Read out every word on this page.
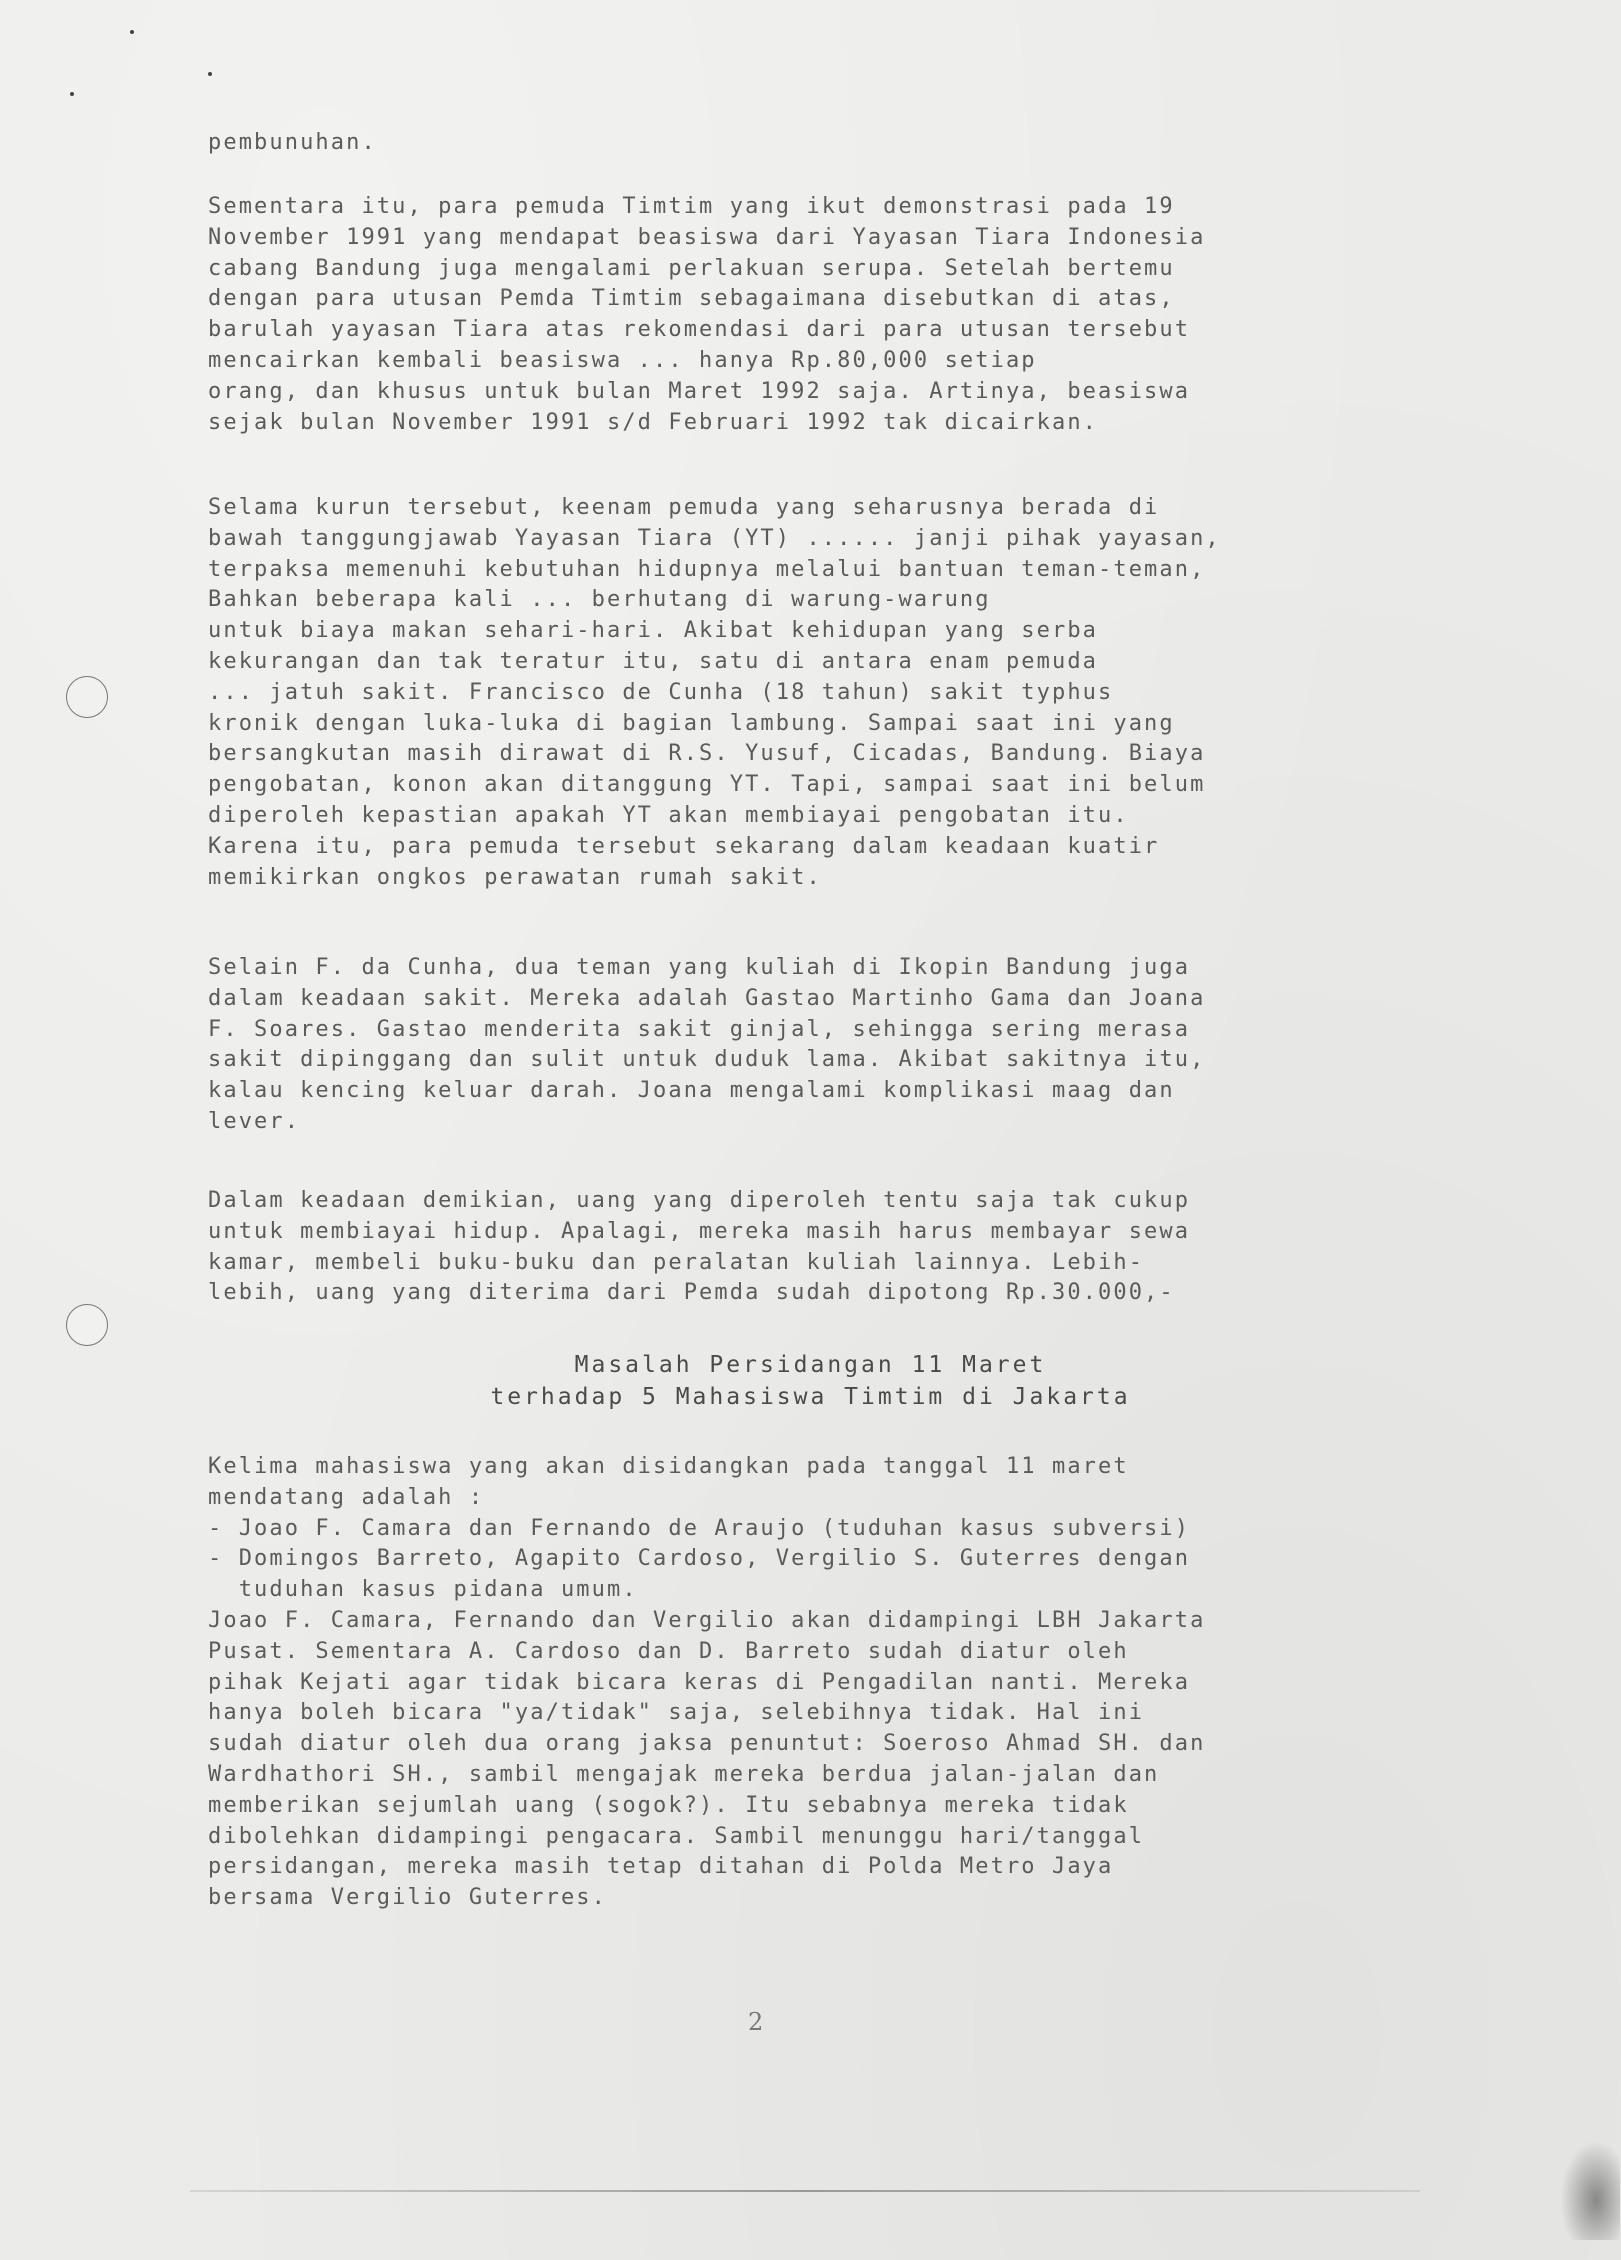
pembunuhan.
Sementara itu, para pemuda Timtim yang ikut demonstrasi pada 19
November 1991 yang mendapat beasiswa dari Yayasan Tiara Indonesia
cabang Bandung juga mengalami perlakuan serupa. Setelah bertemu
dengan para utusan Pemda Timtim sebagaimana disebutkan di atas,
barulah yayasan Tiara atas rekomendasi dari para utusan tersebut
mencairkan kembali beasiswa ... hanya Rp.80,000 setiap
orang, dan khusus untuk bulan Maret 1992 saja. Artinya, beasiswa
sejak bulan November 1991 s/d Februari 1992 tak dicairkan.
Selama kurun tersebut, keenam pemuda yang seharusnya berada di
bawah tanggungjawab Yayasan Tiara (YT) ...... janji pihak yayasan,
terpaksa memenuhi kebutuhan hidupnya melalui bantuan teman-teman,
Bahkan beberapa kali ... berhutang di warung-warung
untuk biaya makan sehari-hari. Akibat kehidupan yang serba
kekurangan dan tak teratur itu, satu di antara enam pemuda
... jatuh sakit. Francisco de Cunha (18 tahun) sakit typhus
kronik dengan luka-luka di bagian lambung. Sampai saat ini yang
bersangkutan masih dirawat di R.S. Yusuf, Cicadas, Bandung. Biaya
pengobatan, konon akan ditanggung YT. Tapi, sampai saat ini belum
diperoleh kepastian apakah YT akan membiayai pengobatan itu.
Karena itu, para pemuda tersebut sekarang dalam keadaan kuatir
memikirkan ongkos perawatan rumah sakit.
Selain F. da Cunha, dua teman yang kuliah di Ikopin Bandung juga
dalam keadaan sakit. Mereka adalah Gastao Martinho Gama dan Joana
F. Soares. Gastao menderita sakit ginjal, sehingga sering merasa
sakit dipinggang dan sulit untuk duduk lama. Akibat sakitnya itu,
kalau kencing keluar darah. Joana mengalami komplikasi maag dan
lever.
Dalam keadaan demikian, uang yang diperoleh tentu saja tak cukup
untuk membiayai hidup. Apalagi, mereka masih harus membayar sewa
kamar, membeli buku-buku dan peralatan kuliah lainnya. Lebih-
lebih, uang yang diterima dari Pemda sudah dipotong Rp.30.000,-
Masalah Persidangan 11 Maret
terhadap 5 Mahasiswa Timtim di Jakarta
Kelima mahasiswa yang akan disidangkan pada tanggal 11 maret
mendatang adalah :
- Joao F. Camara dan Fernando de Araujo (tuduhan kasus subversi)
- Domingos Barreto, Agapito Cardoso, Vergilio S. Guterres dengan
tuduhan kasus pidana umum.
Joao F. Camara, Fernando dan Vergilio akan didampingi LBH Jakarta
Pusat. Sementara A. Cardoso dan D. Barreto sudah diatur oleh
pihak Kejati agar tidak bicara keras di Pengadilan nanti. Mereka
hanya boleh bicara "ya/tidak" saja, selebihnya tidak. Hal ini
sudah diatur oleh dua orang jaksa penuntut: Soeroso Ahmad SH. dan
Wardhathori SH., sambil mengajak mereka berdua jalan-jalan dan
memberikan sejumlah uang (sogok?). Itu sebabnya mereka tidak
dibolehkan didampingi pengacara. Sambil menunggu hari/tanggal
persidangan, mereka masih tetap ditahan di Polda Metro Jaya
bersama Vergilio Guterres.
2
